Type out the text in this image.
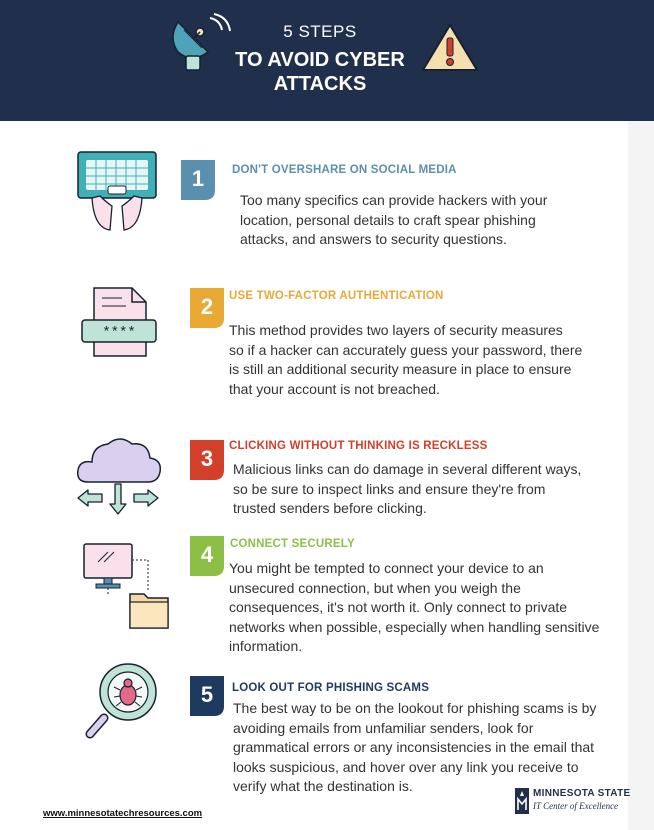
5 STEPS
TO AVOID CYBER
ATTACKS
1	DON'T OVERSHARE ON SOCIAL MEDIA
Too many specifics can provide hackers with your
location, personal details to craft spear phishing
attacks, and answers to security questions.
****
2	USE TWO-FACTOR AUTHENTICATION
This method provides two layers of security measures
so if a hacker can accurately guess your password, there
is still an additional security measure in place to ensure
that your account is not breached.
3	CLICKING WITHOUT THINKING IS RECKLESS
Malicious links can do damage in several different ways,
so be sure to inspect links and ensure they're from
trusted senders before clicking.
4	CONNECT SECURELY
You might be tempted to connect your device to an
unsecured connection, but when you weigh the
consequences, it's not worth it. Only connect to private
networks when possible, especially when handling sensitive
information.
5	LOOK OUT FOR PHISHING SCAMS
The best way to be on the lookout for phishing scams is by
avoiding emails from unfamiliar senders, look for
grammatical errors or any inconsistencies in the email that
looks suspicious, and hover over any link you receive to
verify what the destination is.
www.minnesotatechresources.com
MINNESOTA STATE
IT Center of Excellence
